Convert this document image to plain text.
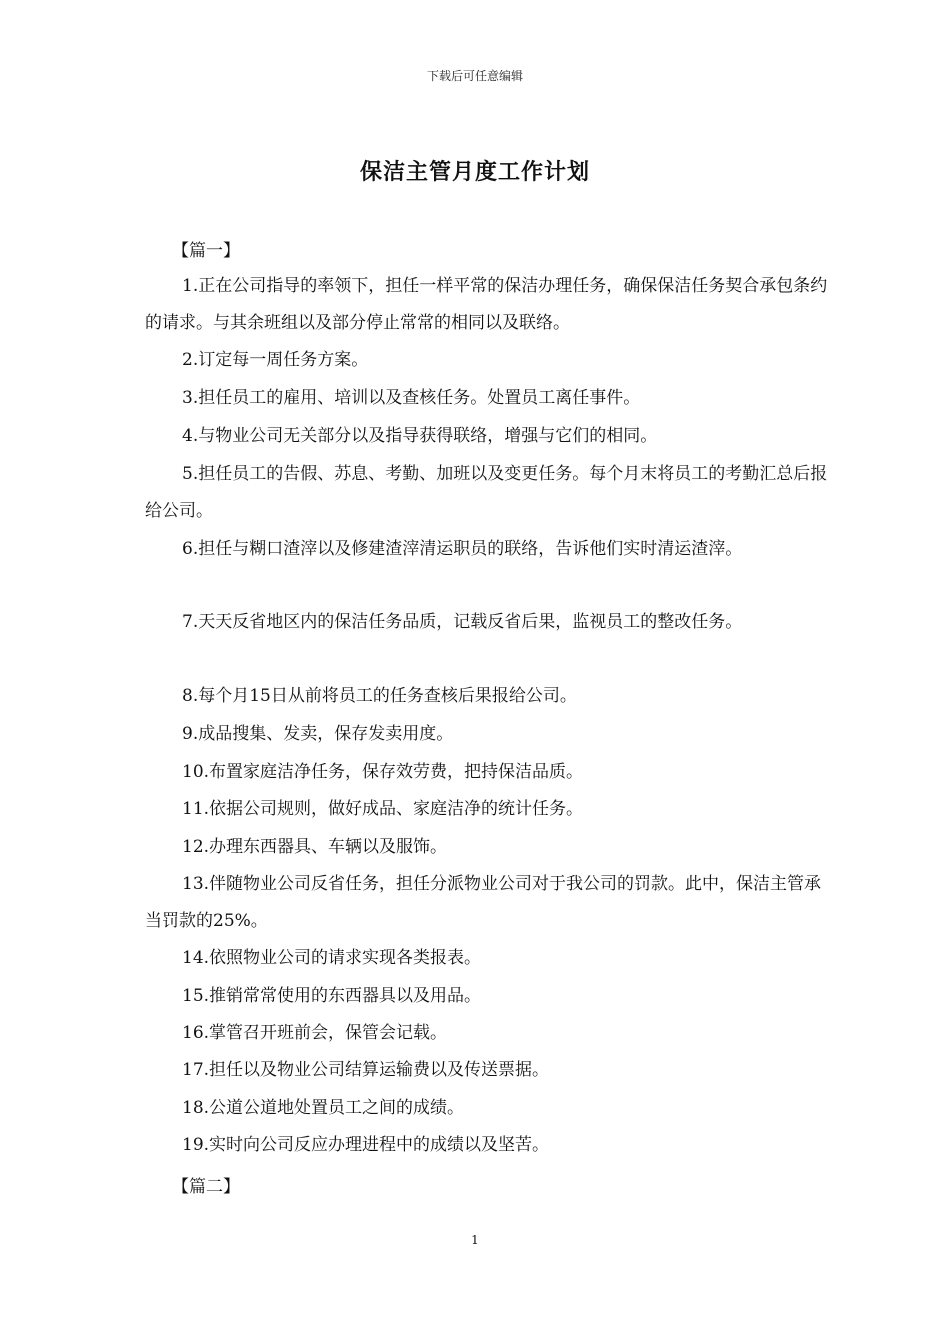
下载后可任意编辑
保洁主管月度工作计划
【篇一】
1.正在公司指导的率领下，担任一样平常的保洁办理任务，确保保洁任务契合承包条约的请求。与其余班组以及部分停止常常的相同以及联络。
2.订定每一周任务方案。
3.担任员工的雇用、培训以及查核任务。处置员工离任事件。
4.与物业公司无关部分以及指导获得联络，增强与它们的相同。
5.担任员工的告假、苏息、考勤、加班以及变更任务。每个月末将员工的考勤汇总后报给公司。
6.担任与糊口渣滓以及修建渣滓清运职员的联络，告诉他们实时清运渣滓。
7.天天反省地区内的保洁任务品质，记载反省后果，监视员工的整改任务。
8.每个月15日从前将员工的任务查核后果报给公司。
9.成品搜集、发卖，保存发卖用度。
10.布置家庭洁净任务，保存效劳费，把持保洁品质。
11.依据公司规则，做好成品、家庭洁净的统计任务。
12.办理东西器具、车辆以及服饰。
13.伴随物业公司反省任务，担任分派物业公司对于我公司的罚款。此中，保洁主管承当罚款的25%。
14.依照物业公司的请求实现各类报表。
15.推销常常使用的东西器具以及用品。
16.掌管召开班前会，保管会记载。
17.担任以及物业公司结算运输费以及传送票据。
18.公道公道地处置员工之间的成绩。
19.实时向公司反应办理进程中的成绩以及坚苦。
【篇二】
1
